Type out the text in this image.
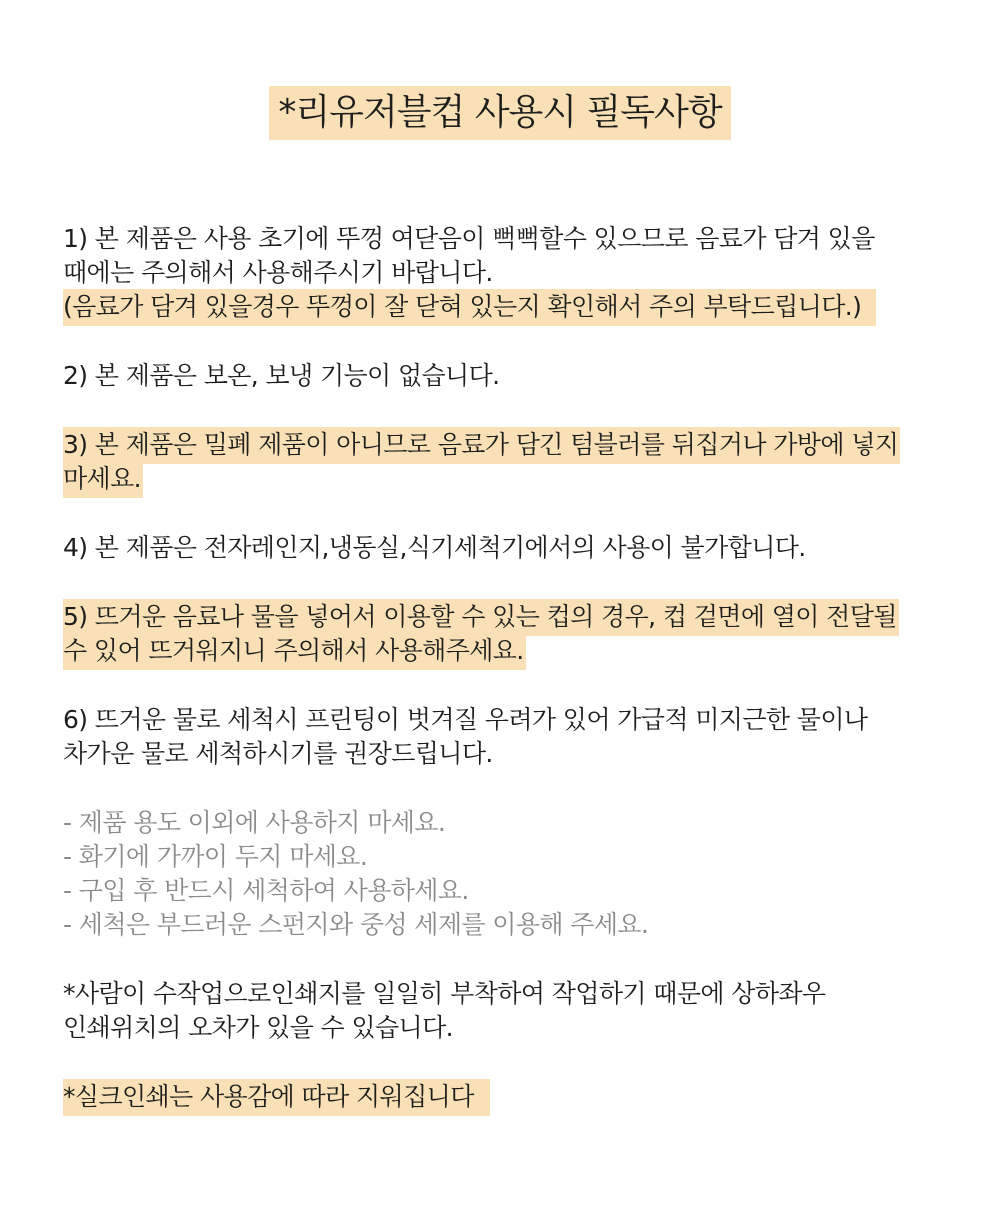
*리유저블컵 사용시 필독사항
1) 본 제품은 사용 초기에 뚜껑 여닫음이 뻑뻑할수 있으므로 음료가 담겨 있을
때에는 주의해서 사용해주시기 바랍니다.
(음료가 담겨 있을경우 뚜껑이 잘 닫혀 있는지 확인해서 주의 부탁드립니다.)
2) 본 제품은 보온, 보냉 기능이 없습니다.
3) 본 제품은 밀폐 제품이 아니므로 음료가 담긴 텀블러를 뒤집거나 가방에 넣지
마세요.
4) 본 제품은 전자레인지,냉동실,식기세척기에서의 사용이 불가합니다.
5) 뜨거운 음료나 물을 넣어서 이용할 수 있는 컵의 경우, 컵 겉면에 열이 전달될
수 있어 뜨거워지니 주의해서 사용해주세요.
6) 뜨거운 물로 세척시 프린팅이 벗겨질 우려가 있어 가급적 미지근한 물이나
차가운 물로 세척하시기를 권장드립니다.
- 제품 용도 이외에 사용하지 마세요.
- 화기에 가까이 두지 마세요.
- 구입 후 반드시 세척하여 사용하세요.
- 세척은 부드러운 스펀지와 중성 세제를 이용해 주세요.
*사람이 수작업으로인쇄지를 일일히 부착하여 작업하기 때문에 상하좌우
인쇄위치의 오차가 있을 수 있습니다.
*실크인쇄는 사용감에 따라 지워집니다
